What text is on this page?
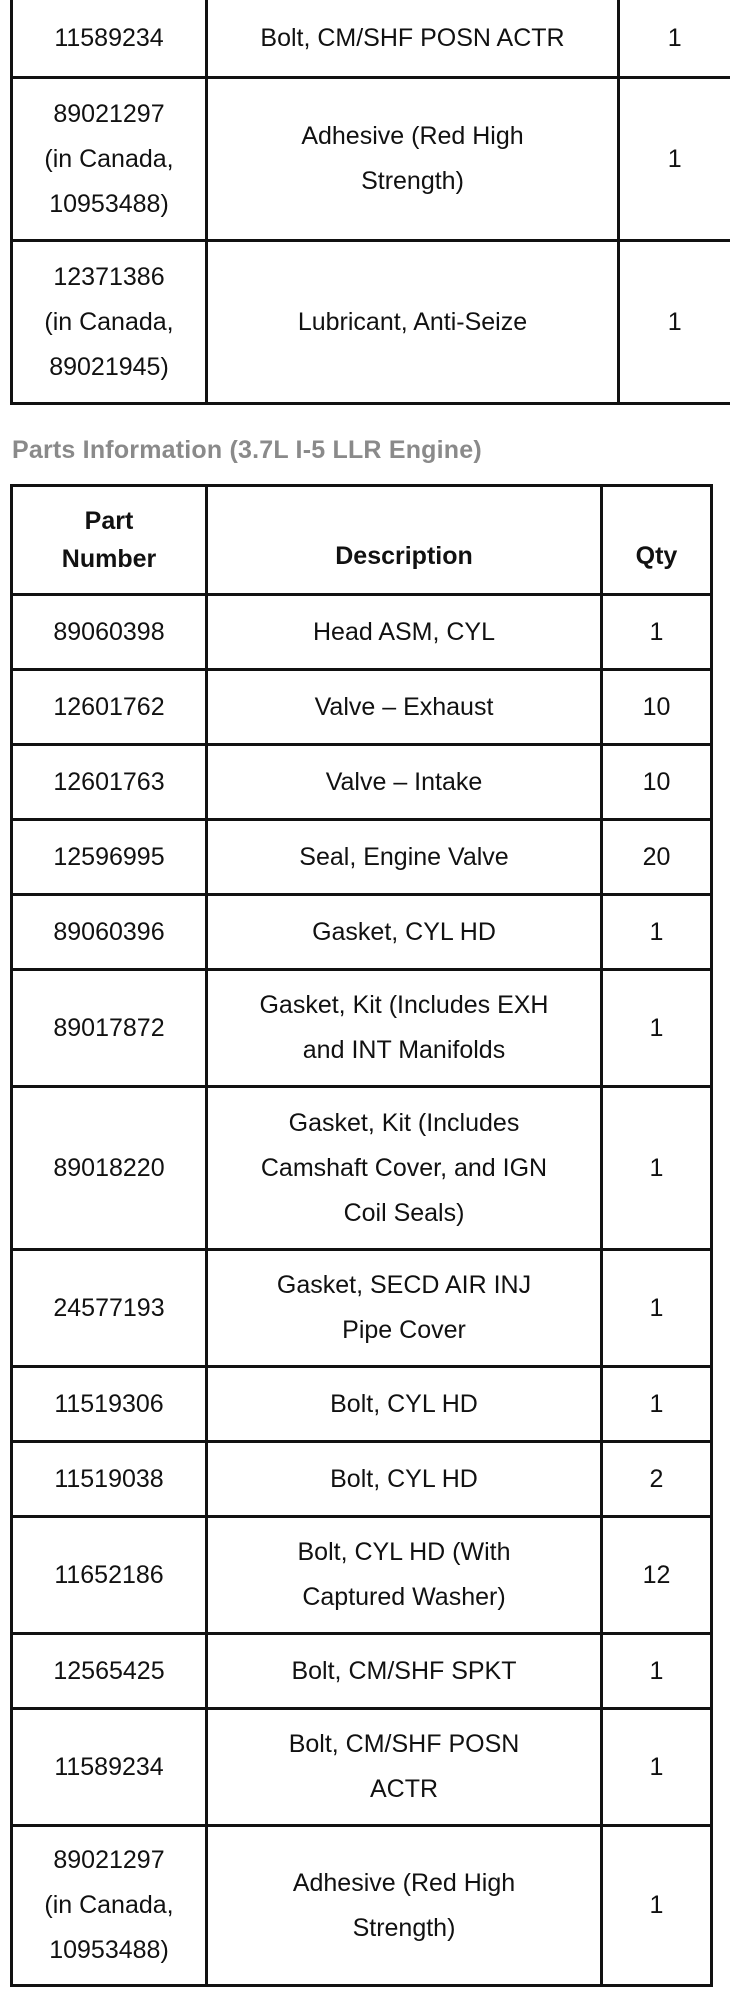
11589234	Bolt, CM/SHF POSN ACTR	1
89021297
(in Canada,
10953488)	Adhesive (Red High
Strength)	1
12371386
(in Canada,
89021945)	Lubricant, Anti-Seize	1
Parts Information (3.7L I-5 LLR Engine)
Part
Number	Description	Qty
89060398	Head ASM, CYL	1
12601762	Valve – Exhaust	10
12601763	Valve – Intake	10
12596995	Seal, Engine Valve	20
89060396	Gasket, CYL HD	1
89017872	Gasket, Kit (Includes EXH
and INT Manifolds	1
89018220	Gasket, Kit (Includes
Camshaft Cover, and IGN
Coil Seals)	1
24577193	Gasket, SECD AIR INJ
Pipe Cover	1
11519306	Bolt, CYL HD	1
11519038	Bolt, CYL HD	2
11652186	Bolt, CYL HD (With
Captured Washer)	12
12565425	Bolt, CM/SHF SPKT	1
11589234	Bolt, CM/SHF POSN
ACTR	1
89021297
(in Canada,
10953488)	Adhesive (Red High
Strength)	1
